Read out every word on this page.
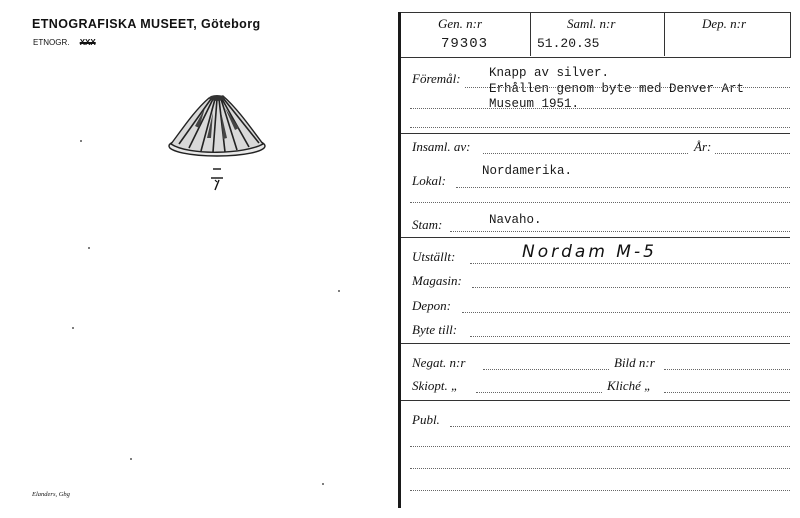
ETNOGRAFISKA MUSEET, Göteborg
ETNOGR. XXX
Elanders, Gbg
Gen. n:r
79303
Saml. n:r
51.20.35
Dep. n:r
Föremål: Knapp av silver.
Erhållen genom byte med Denver Art
Museum 1951.
Insaml. av:	År:
Lokal:
Nordamerika.
Stam:	Navaho.
Utställt:	Nordam M-5
Magasin:
Depon:
Byte till:
Negat. n:r	Bild n:r
Skiopt. „	Kliché „
Publ.
